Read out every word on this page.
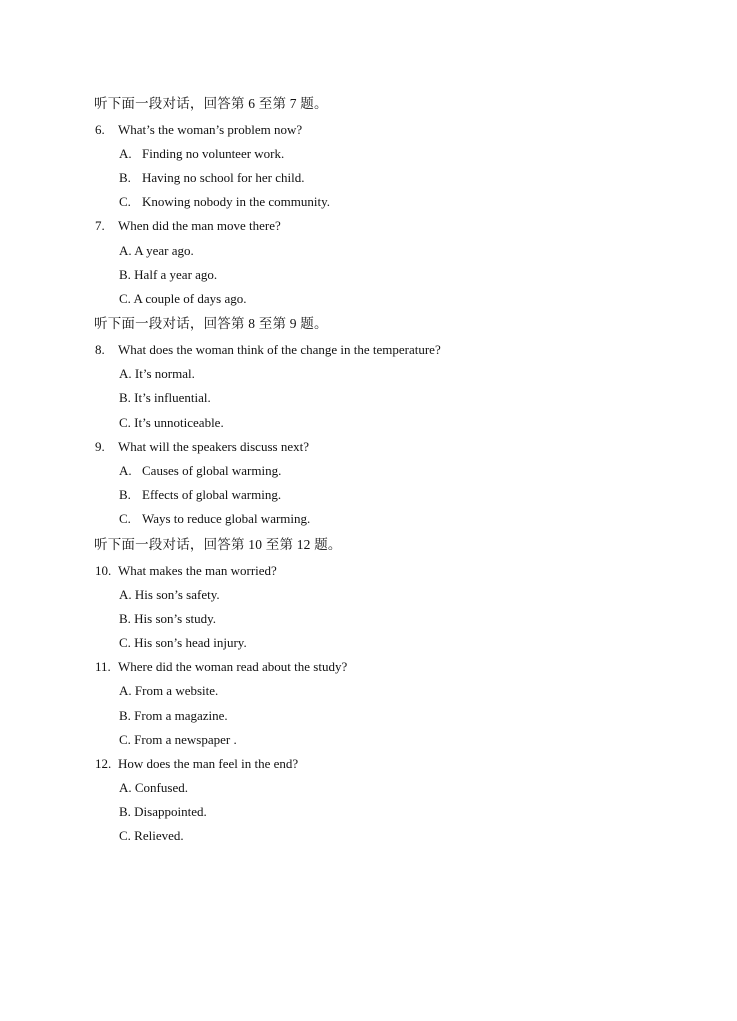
听下面一段对话，回答第 6 至第 7 题。
6. What’s the woman’s problem now?
A. Finding no volunteer work.
B. Having no school for her child.
C. Knowing nobody in the community.
7. When did the man move there?
A. A year ago.
B. Half a year ago.
C. A couple of days ago.
听下面一段对话，回答第 8 至第 9 题。
8. What does the woman think of the change in the temperature?
A. It’s normal.
B. It’s influential.
C. It’s unnoticeable.
9. What will the speakers discuss next?
A. Causes of global warming.
B. Effects of global warming.
C. Ways to reduce global warming.
听下面一段对话，回答第 10 至第 12 题。
10. What makes the man worried?
A. His son’s safety.
B. His son’s study.
C. His son’s head injury.
11. Where did the woman read about the study?
A. From a website.
B. From a magazine.
C. From a newspaper .
12. How does the man feel in the end?
A. Confused.
B. Disappointed.
C. Relieved.
